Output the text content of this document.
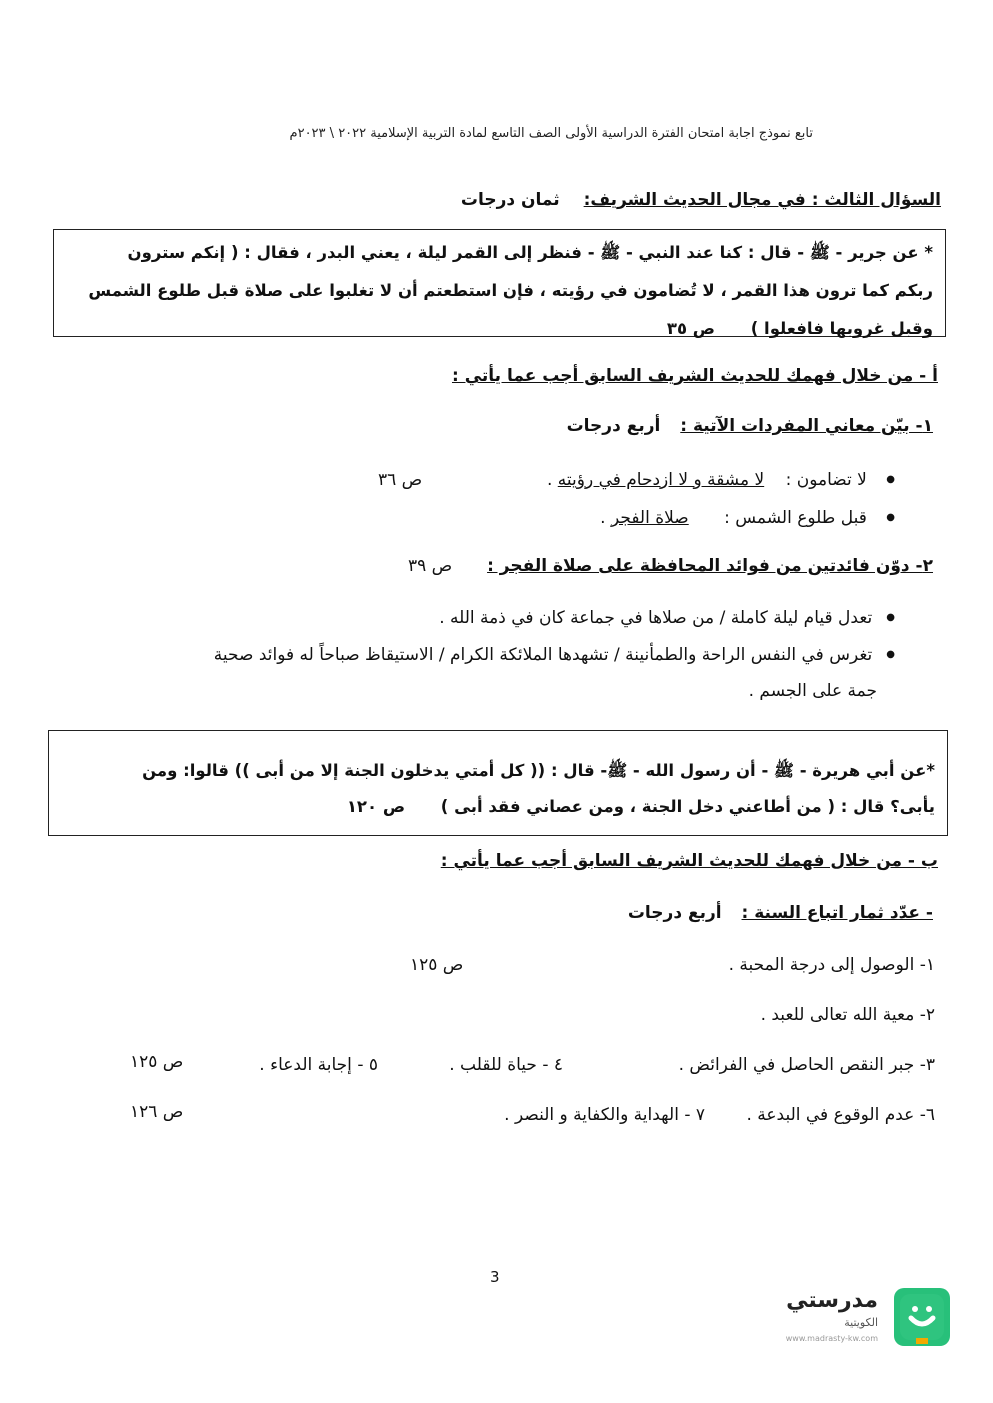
تابع نموذج اجابة امتحان الفترة الدراسية الأولى الصف التاسع لمادة التربية الإسلامية ٢٠٢٢ \ ٢٠٢٣م
السؤال الثالث : في مجال الحديث الشريف: ثمان درجات
* عن جرير - ﷺ - قال : كنا عند النبي - ﷺ - فنظر إلى القمر ليلة ، يعني البدر ، فقال : ( إنكم سترون
ربكم كما ترون هذا القمر ، لا تُضامون في رؤيته ، فإن استطعتم أن لا تغلبوا على صلاة قبل طلوع الشمس
وقبل غروبها فافعلوا ) ص ٣٥
أ - من خلال فهمك للحديث الشريف السابق أجب عما يأتي :
١- بيّن معاني المفردات الآتية : أربع درجات
● لا تضامون : لا مشقة و لا ازدحام في رؤيته .
ص ٣٦
● قبل طلوع الشمس : صلاة الفجر .
٢- دوّن فائدتين من فوائد المحافظة على صلاة الفجر :
ص ٣٩
● تعدل قيام ليلة كاملة / من صلاها في جماعة كان في ذمة الله .
● تغرس في النفس الراحة والطمأنينة / تشهدها الملائكة الكرام / الاستيقاظ صباحاً له فوائد صحية
جمة على الجسم .
*عن أبي هريرة - ﷺ - أن رسول الله - ﷺ- قال : (( كل أمتي يدخلون الجنة إلا من أبى )) قالوا: ومن
يأبى؟ قال : ( من أطاعني دخل الجنة ، ومن عصاني فقد أبى ) ص ١٢٠
ب - من خلال فهمك للحديث الشريف السابق أجب عما يأتي :
- عدّد ثمار اتباع السنة : أربع درجات
١- الوصول إلى درجة المحبة .
ص ١٢٥
٢- معية الله تعالى للعبد .
٣- جبر النقص الحاصل في الفرائض .
٤ - حياة للقلب .
٥ - إجابة الدعاء .
ص ١٢٥
٦- عدم الوقوع في البدعة .
٧ - الهداية والكفاية و النصر .
ص ١٢٦
3
مدرستي
الكويتية
www.madrasty-kw.com
